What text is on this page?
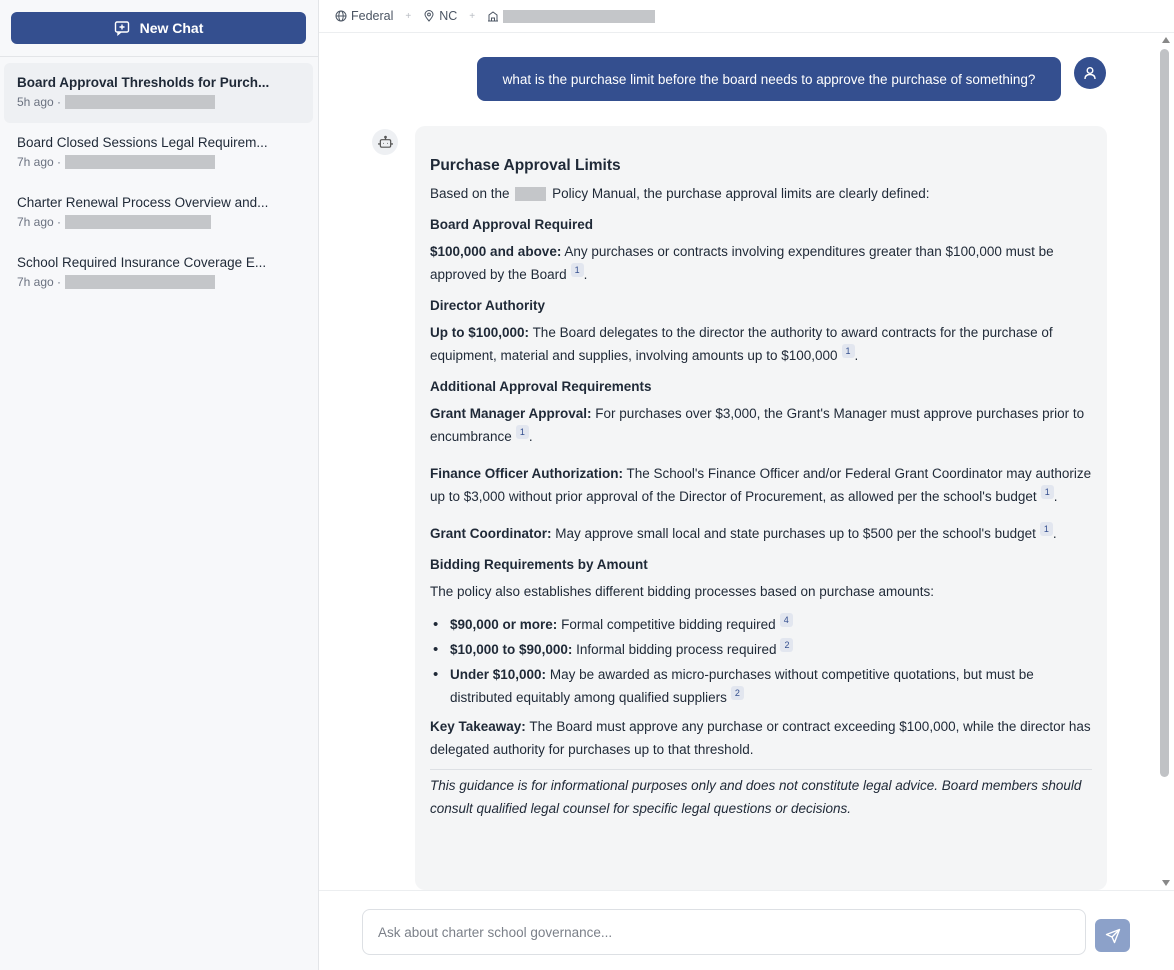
New Chat
Board Approval Thresholds for Purch...
5h ago ·
Board Closed Sessions Legal Requirem...
7h ago ·
Charter Renewal Process Overview and...
7h ago ·
School Required Insurance Coverage E...
7h ago ·
Federal + NC +
what is the purchase limit before the board needs to approve the purchase of something?
Purchase Approval Limits

Based on the	Policy Manual, the purchase approval limits are clearly defined:

Board Approval Required

$100,000 and above: Any purchases or contracts involving expenditures greater than $100,000 must be approved by the Board 1 .

Director Authority

Up to $100,000: The Board delegates to the director the authority to award contracts for the purchase of equipment, material and supplies, involving amounts up to $100,000 1 .

Additional Approval Requirements

Grant Manager Approval: For purchases over $3,000, the Grant's Manager must approve purchases prior to encumbrance 1 .

Finance Officer Authorization: The School's Finance Officer and/or Federal Grant Coordinator may authorize up to $3,000 without prior approval of the Director of Procurement, as allowed per the school's budget 1 .

Grant Coordinator: May approve small local and state purchases up to $500 per the school's budget 1 .

Bidding Requirements by Amount

The policy also establishes different bidding processes based on purchase amounts:

• $90,000 or more: Formal competitive bidding required 4
• $10,000 to $90,000: Informal bidding process required 2
• Under $10,000: May be awarded as micro-purchases without competitive quotations, but must be distributed equitably among qualified suppliers 2

Key Takeaway: The Board must approve any purchase or contract exceeding $100,000, while the director has delegated authority for purchases up to that threshold.

This guidance is for informational purposes only and does not constitute legal advice. Board members should consult qualified legal counsel for specific legal questions or decisions.

Ask about charter school governance...
